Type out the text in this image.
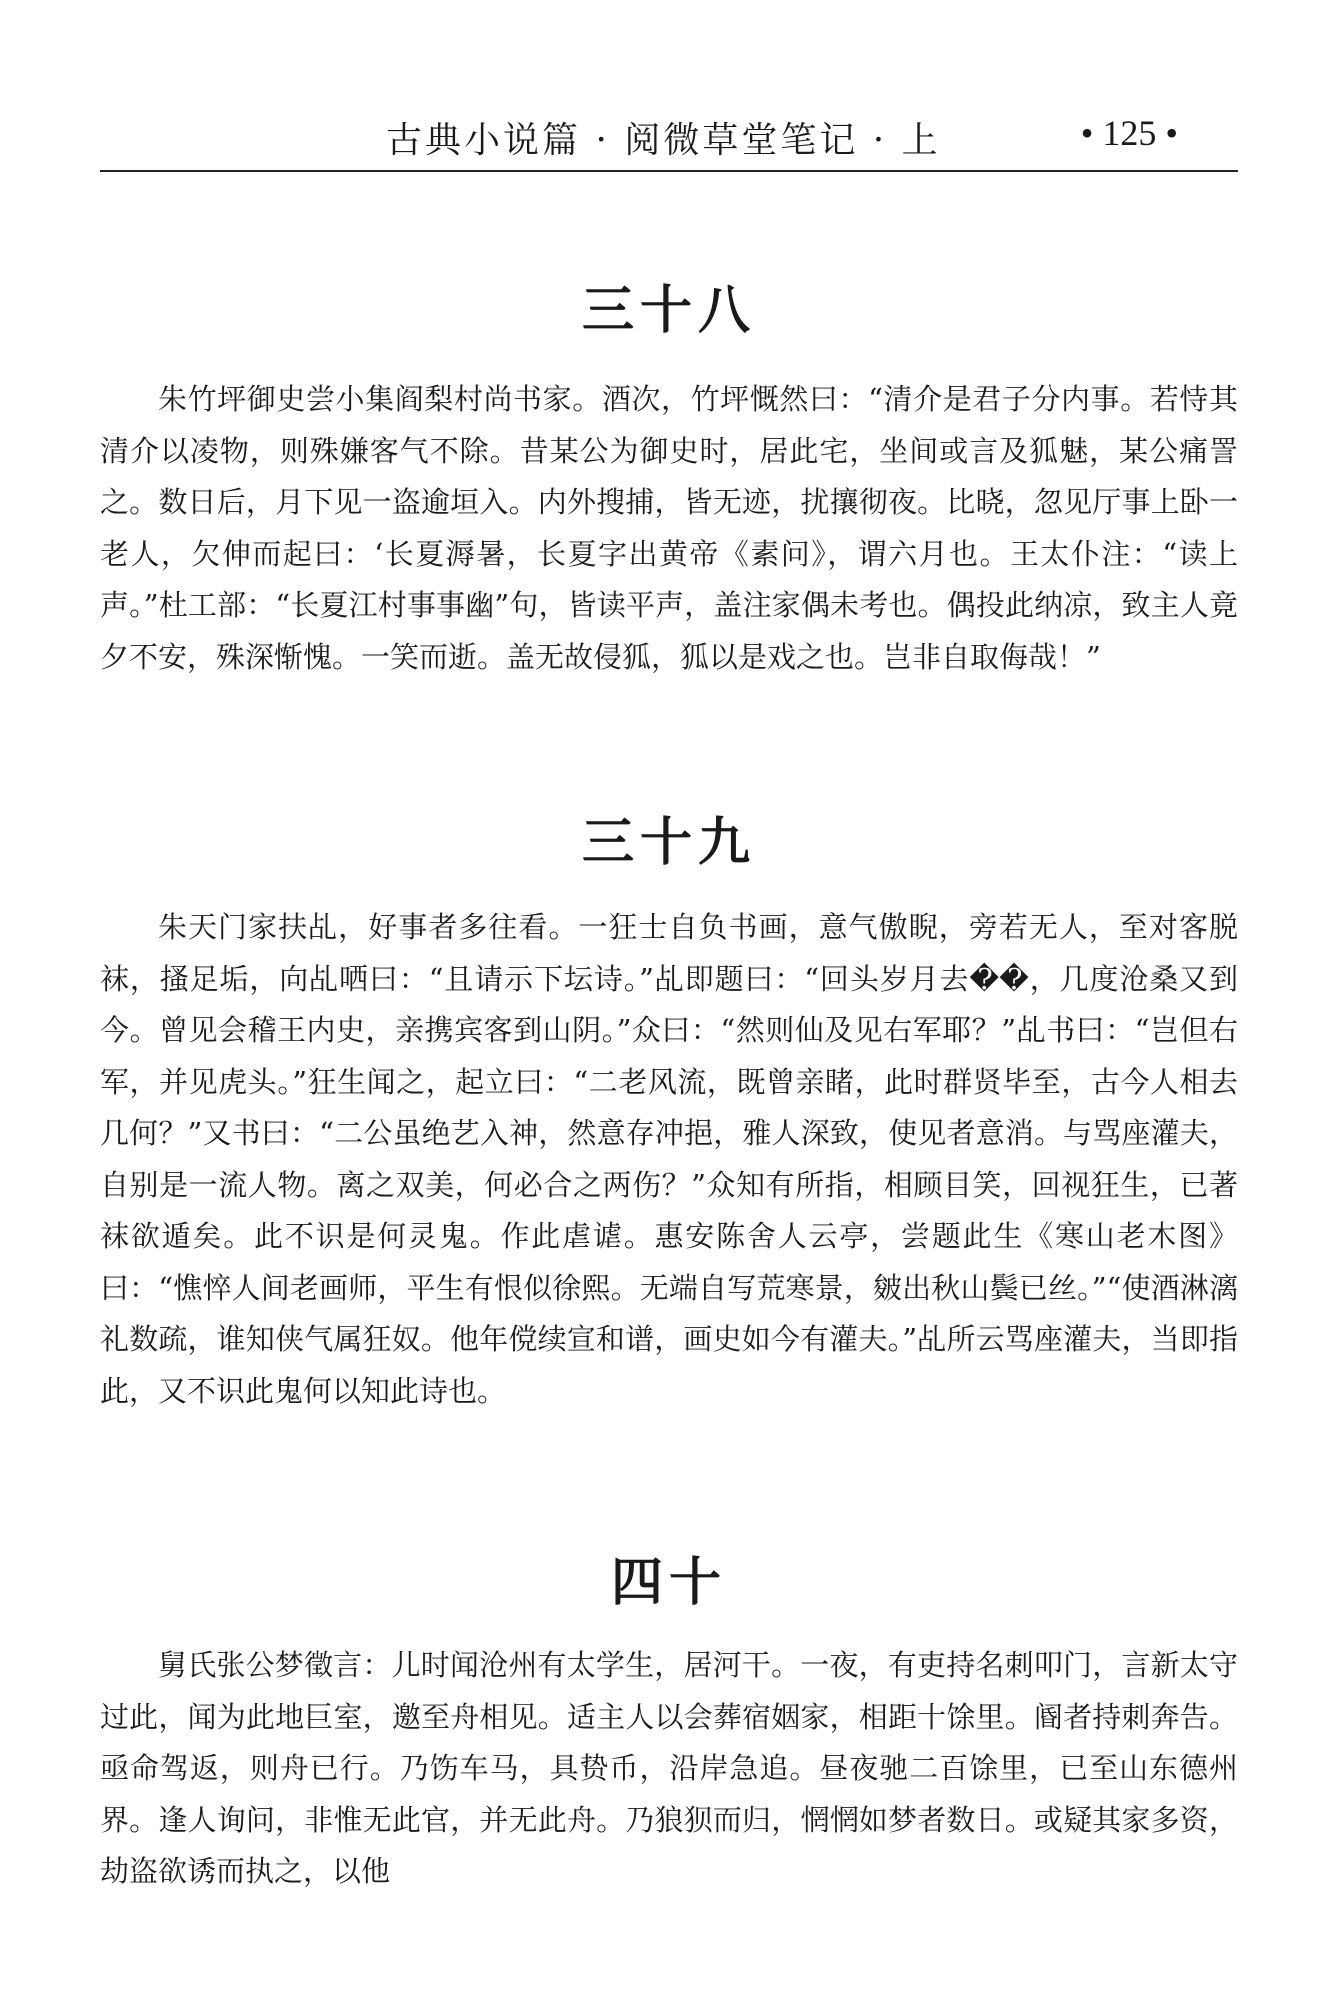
古典小说篇 · 阅微草堂笔记 · 上	• 125 •
三十八

朱竹坪御史尝小集阎梨村尚书家。酒次，竹坪慨然曰：“清介是君子分内事。若恃其清介以凌物，则殊嫌客气不除。昔某公为御史时，居此宅，坐间或言及狐魅，某公痛詈之。数日后，月下见一盗逾垣入。内外搜捕，皆无迹，扰攘彻夜。比晓，忽见厅事上卧一老人，欠伸而起曰：‘长夏溽暑，长夏字出黄帝《素问》，谓六月也。王太仆注：“读上声。”杜工部：“长夏江村事事幽”句，皆读平声，盖注家偶未考也。偶投此纳凉，致主人竟夕不安，殊深惭愧。一笑而逝。盖无故侵狐，狐以是戏之也。岂非自取侮哉！”

三十九

朱天门家扶乩，好事者多往看。一狂士自负书画，意气傲睨，旁若无人，至对客脱袜，搔足垢，向乩哂曰：“且请示下坛诗。”乩即题曰：“回头岁月去��，几度沧桑又到今。曾见会稽王内史，亲携宾客到山阴。”众曰：“然则仙及见右军耶？”乩书曰：“岂但右军，并见虎头。”狂生闻之，起立曰：“二老风流，既曾亲睹，此时群贤毕至，古今人相去几何？”又书曰：“二公虽绝艺入神，然意存冲挹，雅人深致，使见者意消。与骂座灌夫，自别是一流人物。离之双美，何必合之两伤？”众知有所指，相顾目笑，回视狂生，已著袜欲遁矣。此不识是何灵鬼。作此虐谑。惠安陈舍人云亭，尝题此生《寒山老木图》曰：“憔悴人间老画师，平生有恨似徐熙。无端自写荒寒景，皴出秋山鬓已丝。”“使酒淋漓礼数疏，谁知侠气属狂奴。他年傥续宣和谱，画史如今有灌夫。”乩所云骂座灌夫，当即指此，又不识此鬼何以知此诗也。

四十

舅氏张公梦徵言：儿时闻沧州有太学生，居河干。一夜，有吏持名刺叩门，言新太守过此，闻为此地巨室，邀至舟相见。适主人以会葬宿姻家，相距十馀里。阍者持刺奔告。亟命驾返，则舟已行。乃饬车马，具贽币，沿岸急追。昼夜驰二百馀里，已至山东德州界。逢人询问，非惟无此官，并无此舟。乃狼狈而归，惘惘如梦者数日。或疑其家多资，劫盗欲诱而执之，以他
